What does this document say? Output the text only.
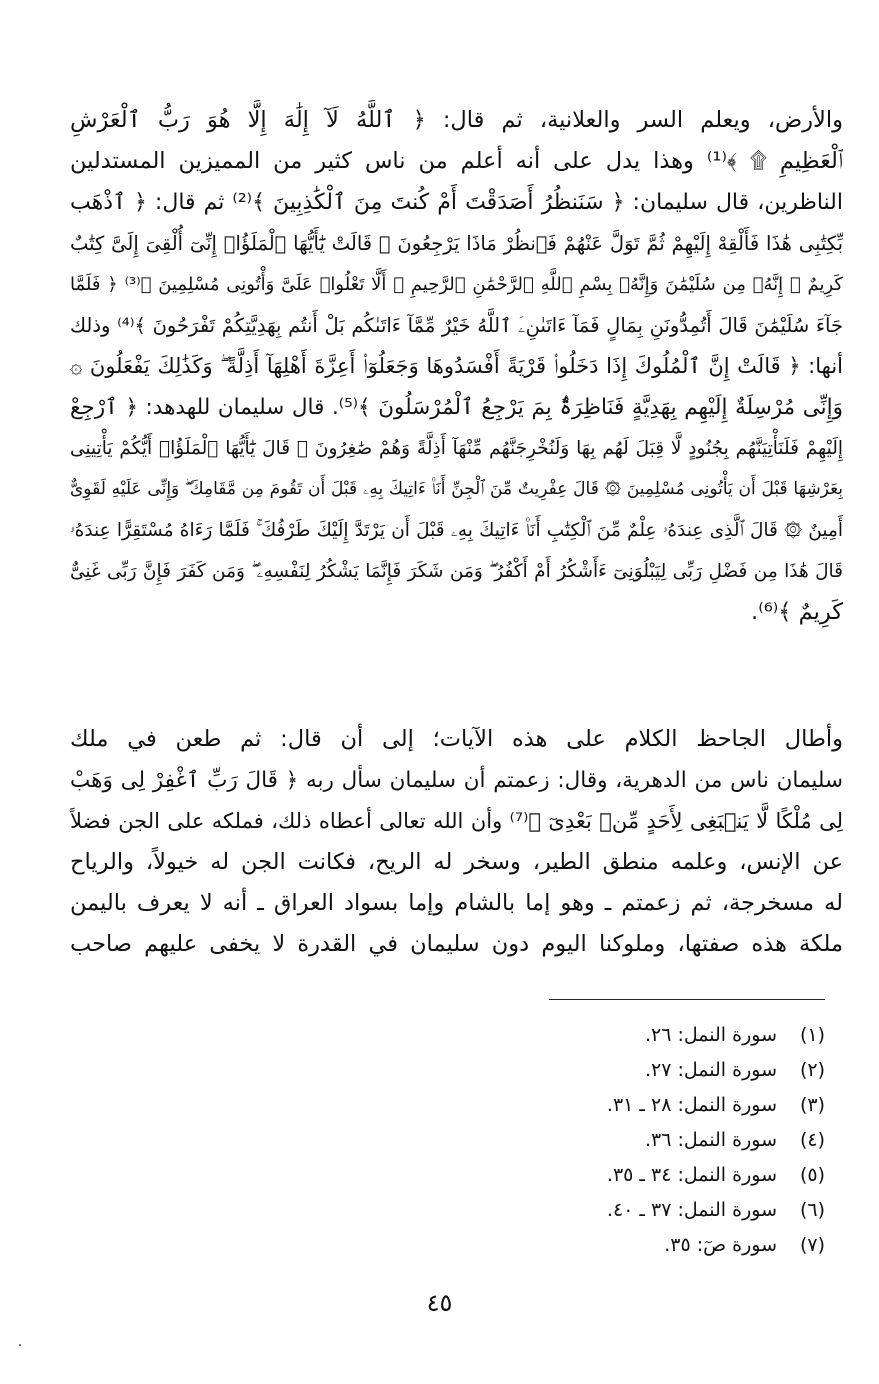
والأرض، ويعلم السر والعلانية، ثم قال: ﴿ ٱللَّهُ لَآ إِلَٰهَ إِلَّا هُوَ رَبُّ ٱلْعَرْشِ
ٱلْعَظِيمِ ۩ ﴾⁽¹⁾ وهذا يدل على أنه أعلم من ناس كثير من المميزين المستدلين
الناظرين، قال سليمان: ﴿ سَنَنظُرُ أَصَدَقْتَ أَمْ كُنتَ مِنَ ٱلْكَٰذِبِينَ ﴾⁽²⁾ ثم قال: ﴿ ٱذْهَب
بِّكِتَٰبِى هَٰذَا فَأَلْقِهْ إِلَيْهِمْ ثُمَّ تَوَلَّ عَنْهُمْ فَٱنظُرْ مَاذَا يَرْجِعُونَ ۞ قَالَتْ يَٰٓأَيُّهَا ٱلْمَلَؤُا۟ إِنِّىٓ أُلْقِىَ إِلَىَّ كِتَٰبٌ
كَرِيمٌ ۞ إِنَّهُۥ مِن سُلَيْمَٰنَ وَإِنَّهُۥ بِسْمِ ٱللَّهِ ٱلرَّحْمَٰنِ ٱلرَّحِيمِ ۞ أَلَّا تَعْلُوا۟ عَلَىَّ وَأْتُونِى مُسْلِمِينَ ﴾⁽³⁾ ﴿ فَلَمَّا
جَآءَ سُلَيْمَٰنَ قَالَ أَتُمِدُّونَنِ بِمَالٍ فَمَآ ءَاتَىٰنِۦَ ٱللَّهُ خَيْرٌ مِّمَّآ ءَاتَىٰكُم بَلْ أَنتُم بِهَدِيَّتِكُمْ تَفْرَحُونَ ﴾⁽⁴⁾ وذلك
أنها: ﴿ قَالَتْ إِنَّ ٱلْمُلُوكَ إِذَا دَخَلُوا۟ قَرْيَةً أَفْسَدُوهَا وَجَعَلُوٓا۟ أَعِزَّةَ أَهْلِهَآ أَذِلَّةً ۖ وَكَذَٰلِكَ يَفْعَلُونَ ۞
وَإِنِّى مُرْسِلَةٌ إِلَيْهِم بِهَدِيَّةٍ فَنَاظِرَةٌۢ بِمَ يَرْجِعُ ٱلْمُرْسَلُونَ ﴾⁽⁵⁾. قال سليمان للهدهد: ﴿ ٱرْجِعْ
إِلَيْهِمْ فَلَنَأْتِيَنَّهُم بِجُنُودٍ لَّا قِبَلَ لَهُم بِهَا وَلَنُخْرِجَنَّهُم مِّنْهَآ أَذِلَّةً وَهُمْ صَٰغِرُونَ ۞ قَالَ يَٰٓأَيُّهَا ٱلْمَلَؤُا۟ أَيُّكُمْ يَأْتِينِى
بِعَرْشِهَا قَبْلَ أَن يَأْتُونِى مُسْلِمِينَ ۞ قَالَ عِفْرِيتٌ مِّنَ ٱلْجِنِّ أَنَا۠ ءَاتِيكَ بِهِۦ قَبْلَ أَن تَقُومَ مِن مَّقَامِكَ ۖ وَإِنِّى عَلَيْهِ لَقَوِىٌّ
أَمِينٌ ۞ قَالَ ٱلَّذِى عِندَهُۥ عِلْمٌ مِّنَ ٱلْكِتَٰبِ أَنَا۠ ءَاتِيكَ بِهِۦ قَبْلَ أَن يَرْتَدَّ إِلَيْكَ طَرْفُكَ ۚ فَلَمَّا رَءَاهُ مُسْتَقِرًّا عِندَهُۥ
قَالَ هَٰذَا مِن فَضْلِ رَبِّى لِيَبْلُوَنِىٓ ءَأَشْكُرُ أَمْ أَكْفُرُ ۖ وَمَن شَكَرَ فَإِنَّمَا يَشْكُرُ لِنَفْسِهِۦ ۖ وَمَن كَفَرَ فَإِنَّ رَبِّى غَنِىٌّ
كَرِيمٌ ﴾⁽⁶⁾.
وأطال الجاحظ الكلام على هذه الآيات؛ إلى أن قال: ثم طعن في ملك
سليمان ناس من الدهرية، وقال: زعمتم أن سليمان سأل ربه ﴿ قَالَ رَبِّ ٱغْفِرْ لِى وَهَبْ
لِى مُلْكًا لَّا يَنۢبَغِى لِأَحَدٍ مِّنۢ بَعْدِىٓ ﴾⁽⁷⁾ وأن الله تعالى أعطاه ذلك، فملكه على الجن فضلاً
عن الإنس، وعلمه منطق الطير، وسخر له الريح، فكانت الجن له خيولاً، والرياح
له مسخرجة، ثم زعمتم ـ وهو إما بالشام وإما بسواد العراق ـ أنه لا يعرف باليمن
ملكة هذه صفتها، وملوكنا اليوم دون سليمان في القدرة لا يخفى عليهم صاحب
(١)
سورة النمل: ٢٦.
(٢)
سورة النمل: ٢٧.
(٣)
سورة النمل: ٢٨ ـ ٣١.
(٤)
سورة النمل: ٣٦.
(٥)
سورة النمل: ٣٤ ـ ٣٥.
(٦)
سورة النمل: ٣٧ ـ ٤٠.
(٧)
سورة صٓ: ٣٥.
٤٥
